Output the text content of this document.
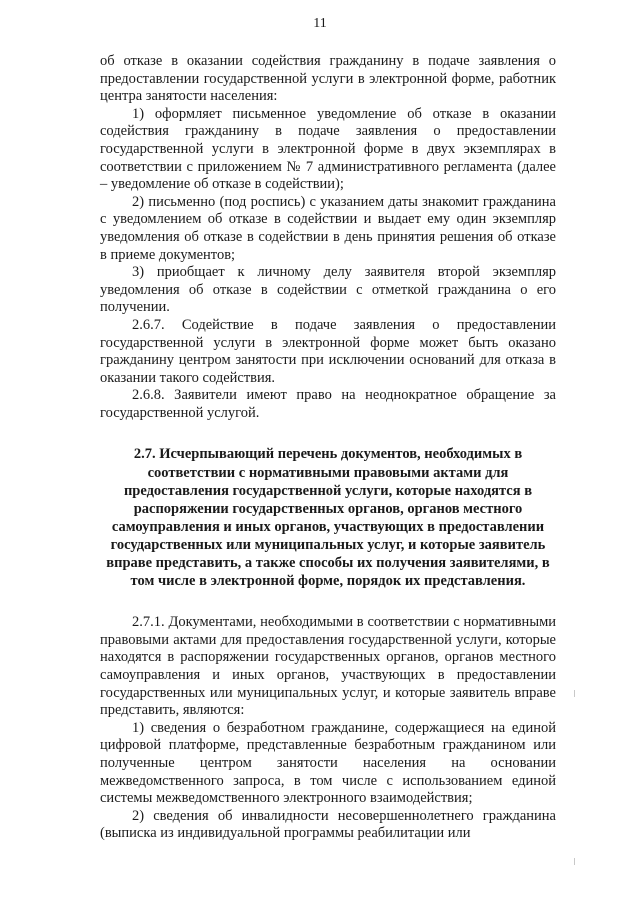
11

об отказе в оказании содействия гражданину в подаче заявления о предоставлении государственной услуги в электронной форме, работник центра занятости населения:

1) оформляет письменное уведомление об отказе в оказании содействия гражданину в подаче заявления о предоставлении государственной услуги в электронной форме в двух экземплярах в соответствии с приложением № 7 административного регламента (далее – уведомление об отказе в содействии);

2) письменно (под роспись) с указанием даты знакомит гражданина с уведомлением об отказе в содействии и выдает ему один экземпляр уведомления об отказе в содействии в день принятия решения об отказе в приеме документов;

3) приобщает к личному делу заявителя второй экземпляр уведомления об отказе в содействии с отметкой гражданина о его получении.

2.6.7. Содействие в подаче заявления о предоставлении государственной услуги в электронной форме может быть оказано гражданину центром занятости при исключении оснований для отказа в оказании такого содействия.

2.6.8. Заявители имеют право на неоднократное обращение за государственной услугой.

2.7. Исчерпывающий перечень документов, необходимых в соответствии с нормативными правовыми актами для предоставления государственной услуги, которые находятся в распоряжении государственных органов, органов местного самоуправления и иных органов, участвующих в предоставлении государственных или муниципальных услуг, и которые заявитель вправе представить, а также способы их получения заявителями, в том числе в электронной форме, порядок их представления.

2.7.1. Документами, необходимыми в соответствии с нормативными правовыми актами для предоставления государственной услуги, которые находятся в распоряжении государственных органов, органов местного самоуправления и иных органов, участвующих в предоставлении государственных или муниципальных услуг, и которые заявитель вправе представить, являются:

1) сведения о безработном гражданине, содержащиеся на единой цифровой платформе, представленные безработным гражданином или полученные центром занятости населения на основании межведомственного запроса, в том числе с использованием единой системы межведомственного электронного взаимодействия;

2) сведения об инвалидности несовершеннолетнего гражданина (выписка из индивидуальной программы реабилитации или
